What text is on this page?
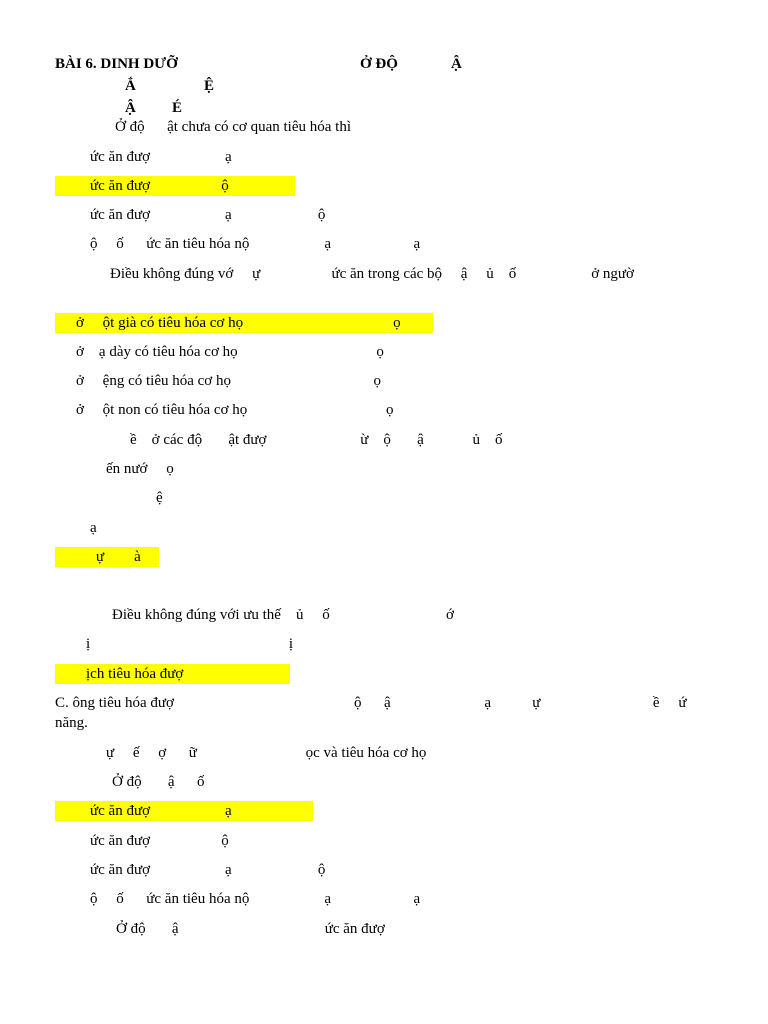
BÀI 6. DINH DƯỠ	Ở ĐỘ	Ậ
Ắ	Ệ
Ậ É
Ở độ      ật chưa có cơ quan tiêu hóa thì
ức ăn đượ                    ạ
ức ăn đượ                   ộ
ức ăn đượ                    ạ                       ộ
ộ     ố      ức ăn tiêu hóa nộ                    ạ                      ạ
Điều không đúng vớ     ự                   ức ăn trong các bộ     ậ     ủ    ố                    ở ngườ
ở     ột già có tiêu hóa cơ họ                                        ọ
ở    ạ dày có tiêu hóa cơ họ                                     ọ
ở     ệng có tiêu hóa cơ họ                                      ọ
ở     ột non có tiêu hóa cơ họ                                     ọ
ề    ở các độ       ật đượ                         ừ    ộ       ậ             ủ    ố
ến nướ     ọ
ệ
ạ
ự        à
Điều không đúng với ưu thế    ủ     ố                               ớ
ị                                                     ị
ịch tiêu hóa đượ
C. ông tiêu hóa đượ                                                ộ      ậ                         ạ           ự                              ề     ứ
năng.
ự     ế     ợ      ữ                             ọc và tiêu hóa cơ họ
Ở độ       ậ      ố
ức ăn đượ                    ạ
ức ăn đượ                   ộ
ức ăn đượ                    ạ                       ộ
ộ     ố      ức ăn tiêu hóa nộ                    ạ                      ạ
Ở độ       ậ                                       ức ăn đượ
